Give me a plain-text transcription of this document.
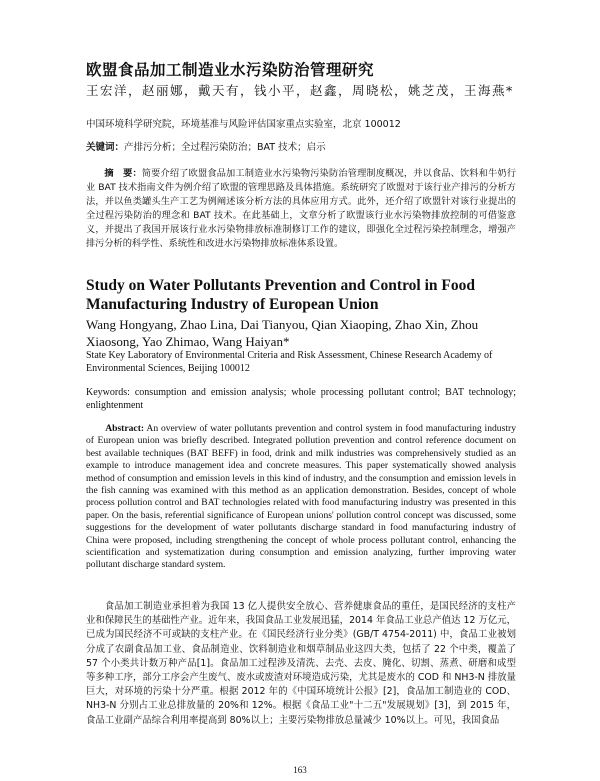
欧盟食品加工制造业水污染防治管理研究
王宏洋，赵丽娜，戴天有，钱小平，赵鑫，周晓松，姚芝茂，王海燕*
中国环境科学研究院，环境基准与风险评估国家重点实验室，北京 100012
关键词：产排污分析；全过程污染防治；BAT 技术；启示
摘　要：简要介绍了欧盟食品加工制造业水污染物污染防治管理制度概况，并以食品、饮料和牛奶行业 BAT 技术指南文件为例介绍了欧盟的管理思路及具体措施。系统研究了欧盟对于该行业产排污的分析方法，并以鱼类罐头生产工艺为例阐述该分析方法的具体应用方式。此外，还介绍了欧盟针对该行业提出的全过程污染防治的理念和 BAT 技术。在此基础上，文章分析了欧盟该行业水污染物排放控制的可借鉴意义，并提出了我国开展该行业水污染物排放标准制修订工作的建议，即强化全过程污染控制理念，增强产排污分析的科学性、系统性和改进水污染物排放标准体系设置。
Study on Water Pollutants Prevention and Control in Food Manufacturing Industry of European Union
Wang Hongyang, Zhao Lina, Dai Tianyou, Qian Xiaoping, Zhao Xin, Zhou Xiaosong, Yao Zhimao, Wang Haiyan*
State Key Laboratory of Environmental Criteria and Risk Assessment, Chinese Research Academy of Environmental Sciences, Beijing 100012
Keywords: consumption and emission analysis; whole processing pollutant control; BAT technology; enlightenment
Abstract: An overview of water pollutants prevention and control system in food manufacturing industry of European union was briefly described. Integrated pollution prevention and control reference document on best available techniques (BAT BEFF) in food, drink and milk industries was comprehensively studied as an example to introduce management idea and concrete measures. This paper systematically showed analysis method of consumption and emission levels in this kind of industry, and the consumption and emission levels in the fish canning was examined with this method as an application demonstration. Besides, concept of whole process pollution control and BAT technologies related with food manufacturing industry was presented in this paper. On the basis, referential significance of European unions' pollution control concept was discussed, some suggestions for the development of water pollutants discharge standard in food manufacturing industry of China were proposed, including strengthening the concept of whole process pollutant control, enhancing the scientification and systematization during consumption and emission analyzing, further improving water pollutant discharge standard system.
食品加工制造业承担着为我国 13 亿人提供安全放心、营养健康食品的重任，是国民经济的支柱产业和保障民生的基础性产业。近年来，我国食品工业发展迅猛，2014 年食品工业总产值达 12 万亿元，已成为国民经济不可或缺的支柱产业。在《国民经济行业分类》(GB/T 4754-2011) 中，食品工业被划分成了农副食品加工业、食品制造业、饮料制造业和烟草制品业这四大类，包括了 22 个中类，覆盖了 57 个小类共计数万种产品[1]。食品加工过程涉及清洗、去壳、去皮、腌化、切割、蒸煮、研磨和成型等多种工序，部分工序会产生废气、废水或废渣对环境造成污染，尤其是废水的 COD 和 NH3-N 排放量巨大，对环境的污染十分严重。根据 2012 年的《中国环境统计公报》[2]，食品加工制造业的 COD、NH3-N 分别占工业总排放量的 20%和 12%。根据《食品工业"十二五"发展规划》[3]，到 2015 年，食品工业副产品综合利用率提高到 80%以上；主要污染物排放总量减少 10%以上。可见，我国食品
163
